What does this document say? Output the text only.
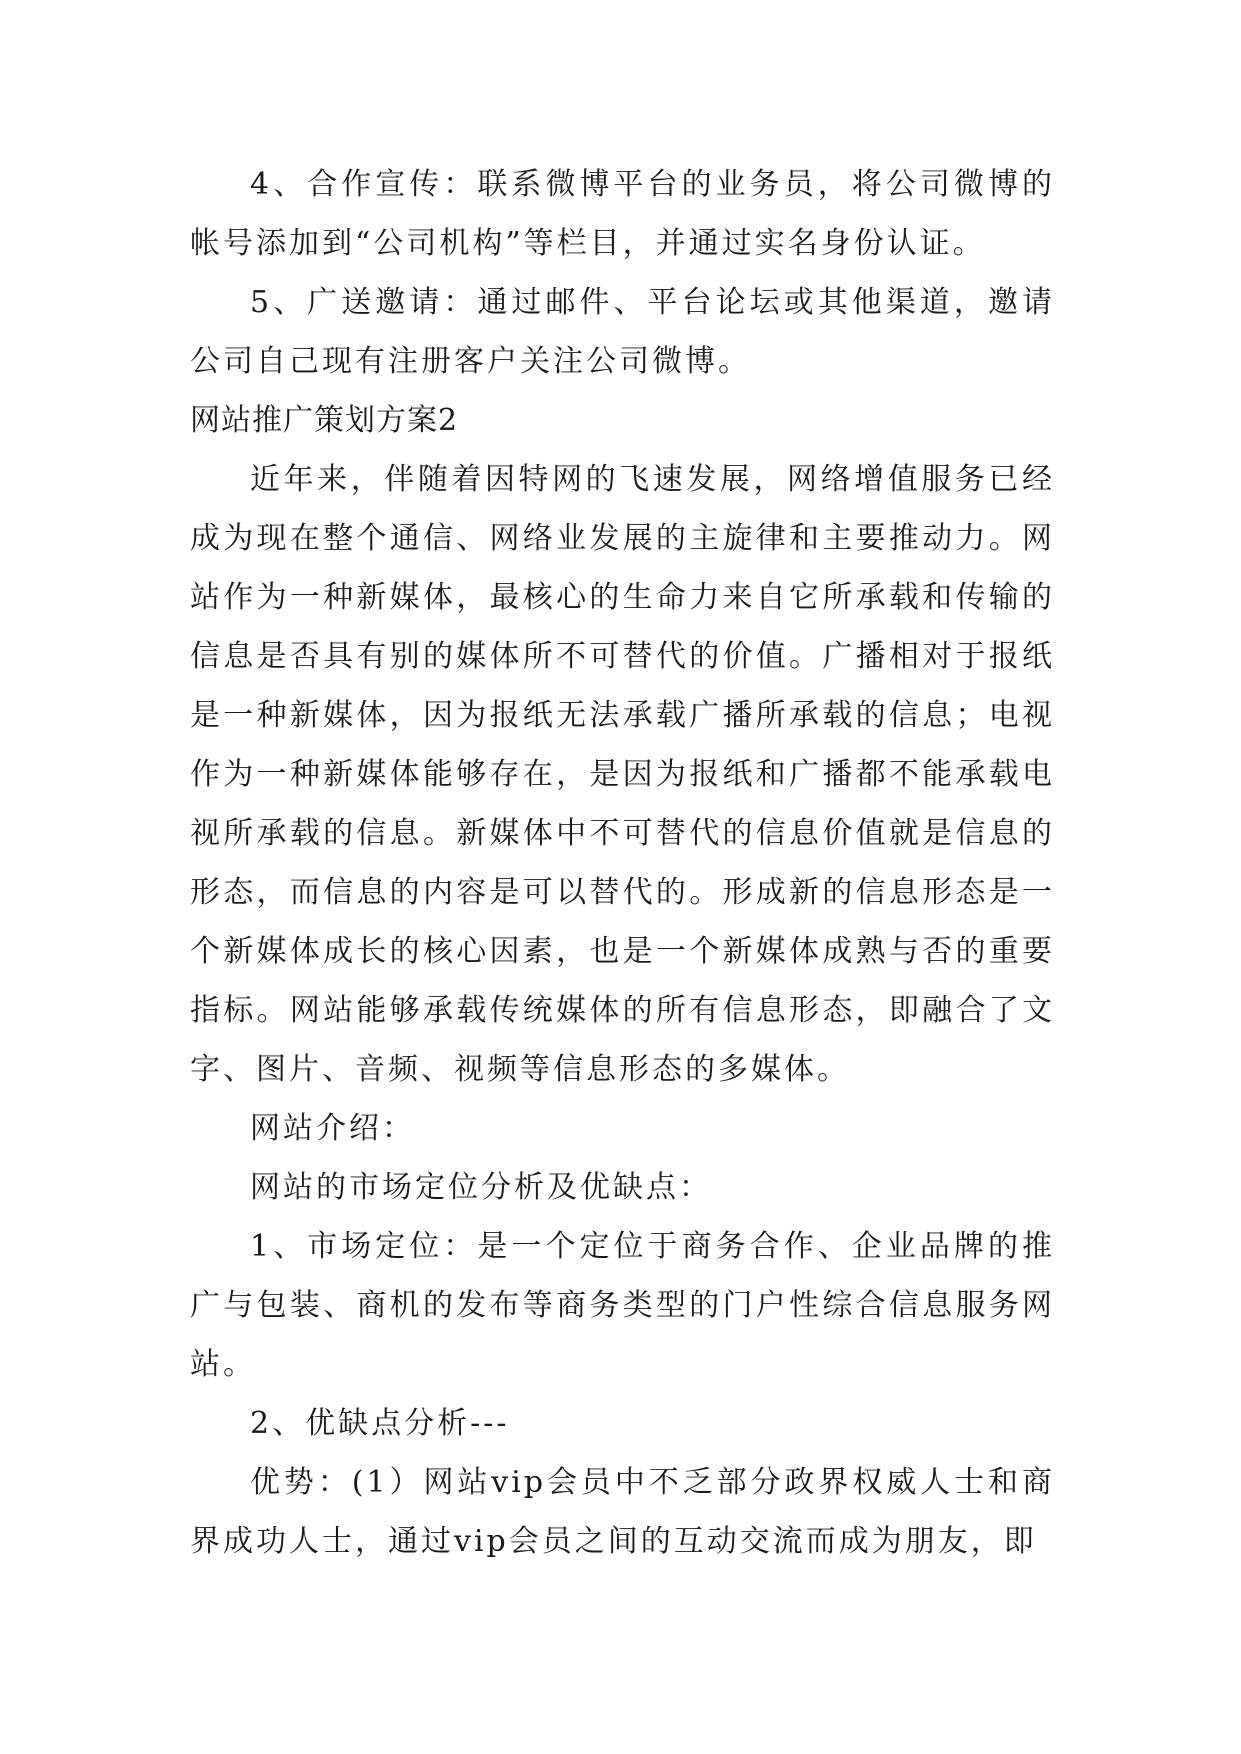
4、合作宣传：联系微博平台的业务员，将公司微博的帐号添加到“公司机构”等栏目，并通过实名身份认证。

5、广送邀请：通过邮件、平台论坛或其他渠道，邀请公司自己现有注册客户关注公司微博。

网站推广策划方案2

近年来，伴随着因特网的飞速发展，网络增值服务已经成为现在整个通信、网络业发展的主旋律和主要推动力。网站作为一种新媒体，最核心的生命力来自它所承载和传输的信息是否具有别的媒体所不可替代的价值。广播相对于报纸是一种新媒体，因为报纸无法承载广播所承载的信息；电视作为一种新媒体能够存在，是因为报纸和广播都不能承载电视所承载的信息。新媒体中不可替代的信息价值就是信息的形态，而信息的内容是可以替代的。形成新的信息形态是一个新媒体成长的核心因素，也是一个新媒体成熟与否的重要指标。网站能够承载传统媒体的所有信息形态，即融合了文字、图片、音频、视频等信息形态的多媒体。

网站介绍：

网站的市场定位分析及优缺点：

1、市场定位：是一个定位于商务合作、企业品牌的推广与包装、商机的发布等商务类型的门户性综合信息服务网站。

2、优缺点分析---

优势：(1）网站vip会员中不乏部分政界权威人士和商界成功人士，通过vip会员之间的互动交流而成为朋友，即
